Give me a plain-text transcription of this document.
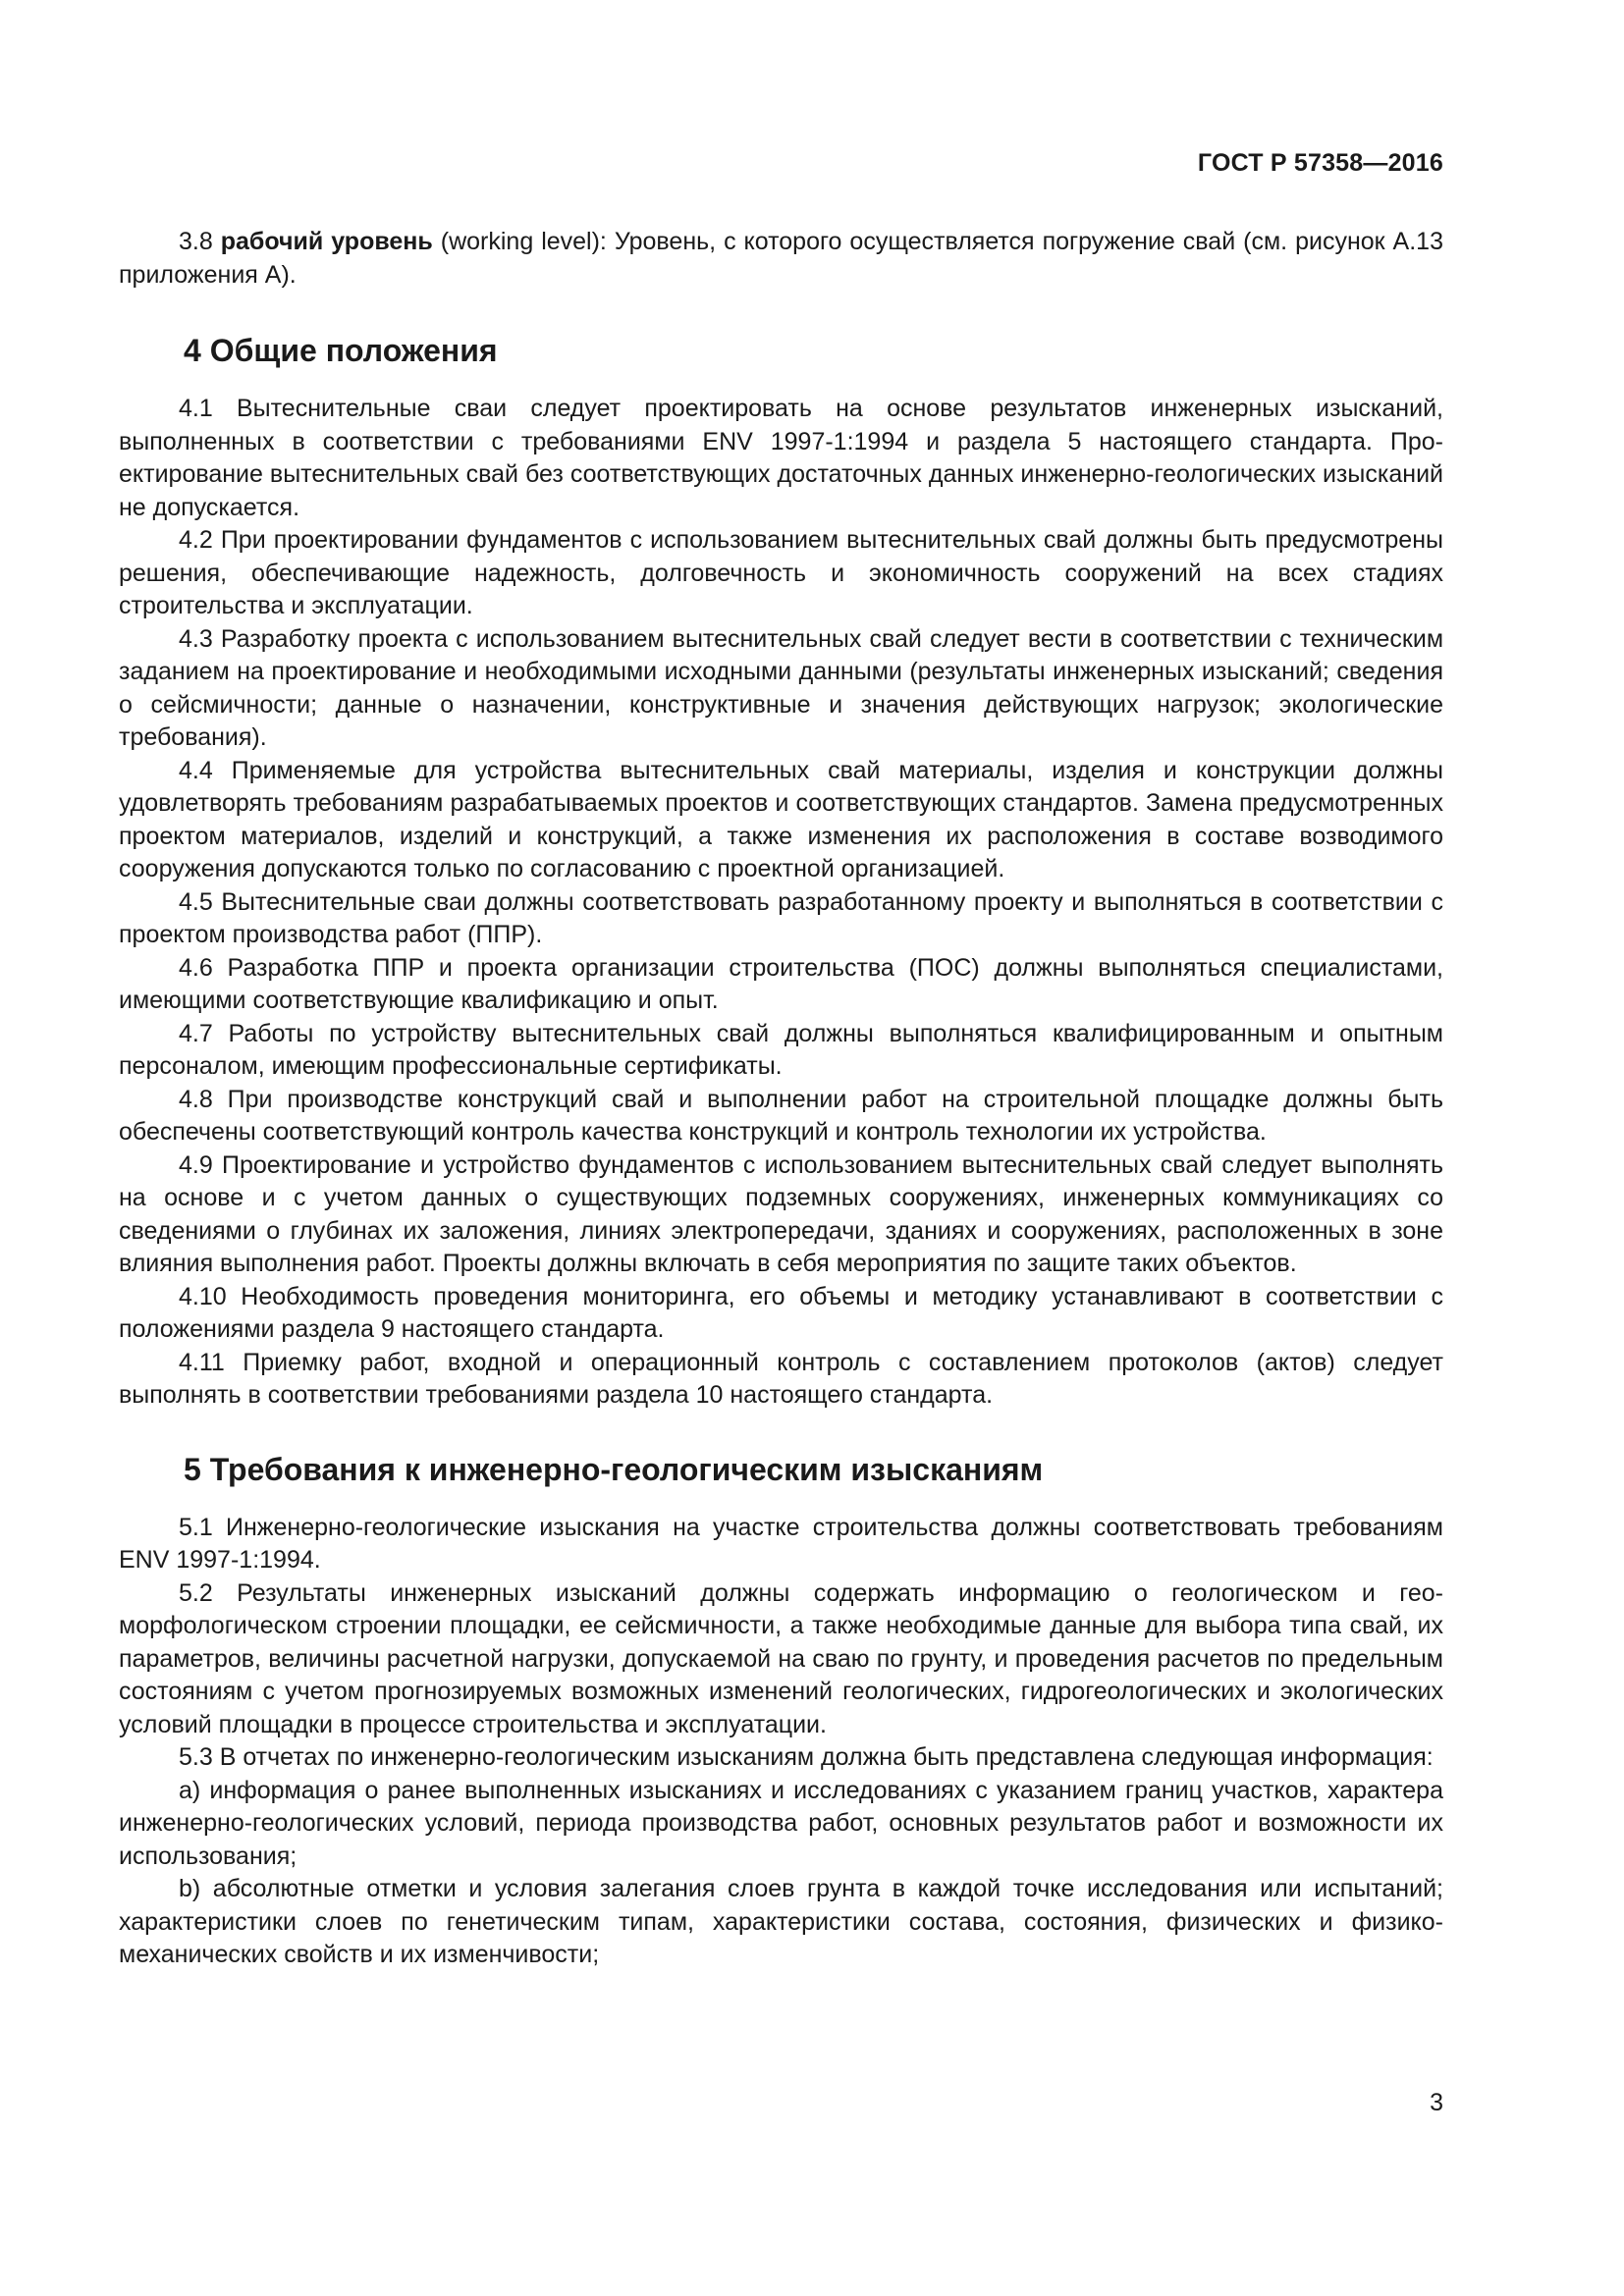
ГОСТ Р 57358—2016

3.8 рабочий уровень (working level): Уровень, с которого осуществляется погружение свай (см. рисунок А.13 приложения А).

4 Общие положения

4.1 Вытеснительные сваи следует проектировать на основе результатов инженерных изысканий, выполненных в соответствии с требованиями ENV 1997-1:1994 и раздела 5 настоящего стандарта. Проектирование вытеснительных свай без соответствующих достаточных данных инженерно-геологических изысканий не допускается.

4.2 При проектировании фундаментов с использованием вытеснительных свай должны быть предусмотрены решения, обеспечивающие надежность, долговечность и экономичность сооружений на всех стадиях строительства и эксплуатации.

4.3 Разработку проекта с использованием вытеснительных свай следует вести в соответствии с техническим заданием на проектирование и необходимыми исходными данными (результаты инженерных изысканий; сведения о сейсмичности; данные о назначении, конструктивные и значения действующих нагрузок; экологические требования).

4.4 Применяемые для устройства вытеснительных свай материалы, изделия и конструкции должны удовлетворять требованиям разрабатываемых проектов и соответствующих стандартов. Замена предусмотренных проектом материалов, изделий и конструкций, а также изменения их расположения в составе возводимого сооружения допускаются только по согласованию с проектной организацией.

4.5 Вытеснительные сваи должны соответствовать разработанному проекту и выполняться в соответствии с проектом производства работ (ППР).

4.6 Разработка ППР и проекта организации строительства (ПОС) должны выполняться специалистами, имеющими соответствующие квалификацию и опыт.

4.7 Работы по устройству вытеснительных свай должны выполняться квалифицированным и опытным персоналом, имеющим профессиональные сертификаты.

4.8 При производстве конструкций свай и выполнении работ на строительной площадке должны быть обеспечены соответствующий контроль качества конструкций и контроль технологии их устройства.

4.9 Проектирование и устройство фундаментов с использованием вытеснительных свай следует выполнять на основе и с учетом данных о существующих подземных сооружениях, инженерных коммуникациях со сведениями о глубинах их заложения, линиях электропередачи, зданиях и сооружениях, расположенных в зоне влияния выполнения работ. Проекты должны включать в себя мероприятия по защите таких объектов.

4.10 Необходимость проведения мониторинга, его объемы и методику устанавливают в соответствии с положениями раздела 9 настоящего стандарта.

4.11 Приемку работ, входной и операционный контроль с составлением протоколов (актов) следует выполнять в соответствии требованиями раздела 10 настоящего стандарта.

5 Требования к инженерно-геологическим изысканиям

5.1 Инженерно-геологические изыскания на участке строительства должны соответствовать требованиям ENV 1997-1:1994.

5.2 Результаты инженерных изысканий должны содержать информацию о геологическом и геоморфологическом строении площадки, ее сейсмичности, а также необходимые данные для выбора типа свай, их параметров, величины расчетной нагрузки, допускаемой на сваю по грунту, и проведения расчетов по предельным состояниям с учетом прогнозируемых возможных изменений геологических, гидрогеологических и экологических условий площадки в процессе строительства и эксплуатации.

5.3 В отчетах по инженерно-геологическим изысканиям должна быть представлена следующая информация:

а) информация о ранее выполненных изысканиях и исследованиях с указанием границ участков, характера инженерно-геологических условий, периода производства работ, основных результатов работ и возможности их использования;

b) абсолютные отметки и условия залегания слоев грунта в каждой точке исследования или испытаний; характеристики слоев по генетическим типам, характеристики состава, состояния, физических и физико-механических свойств и их изменчивости;

3
